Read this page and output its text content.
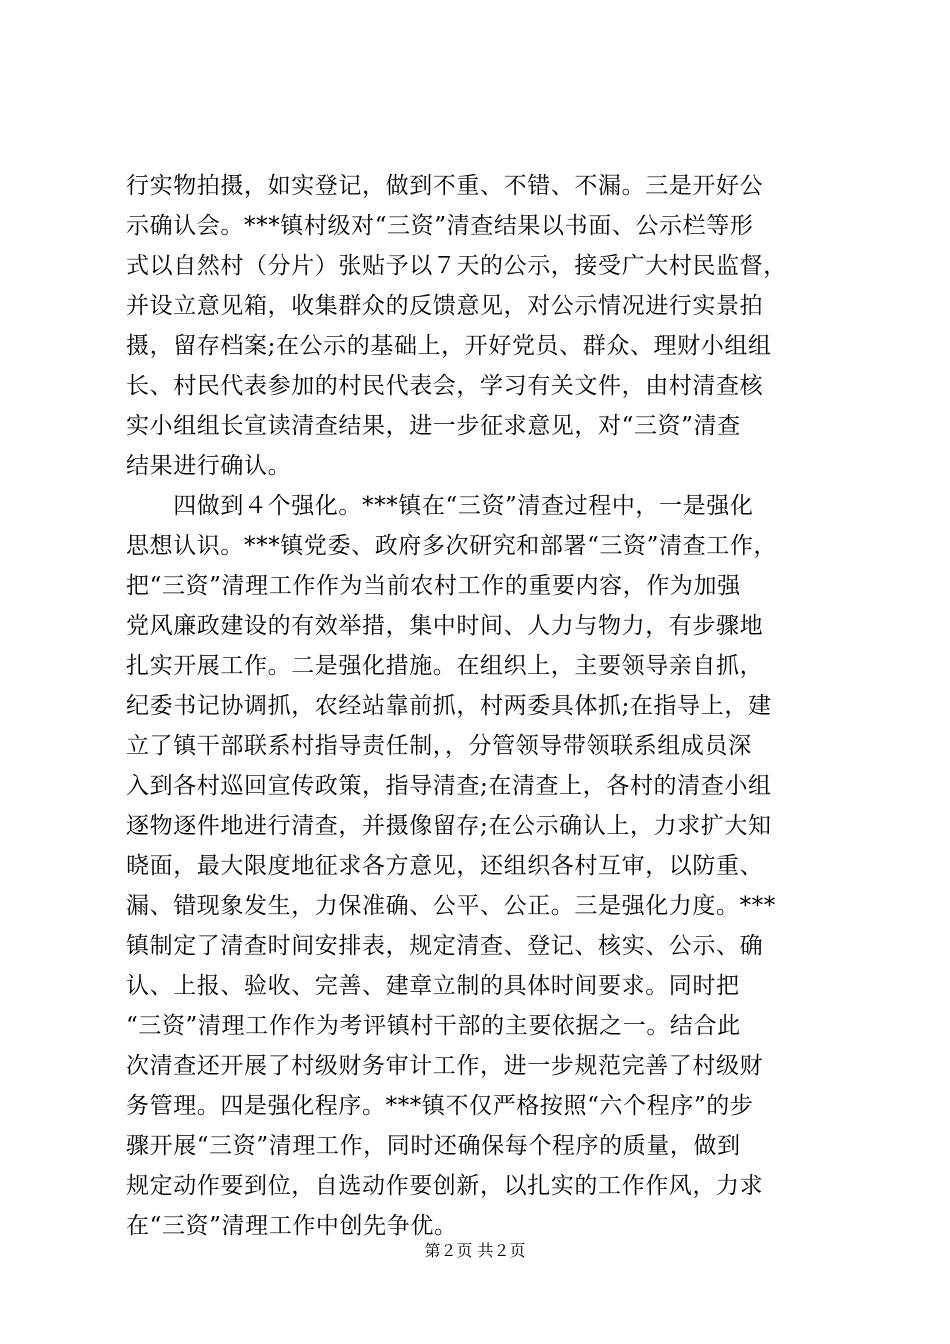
行实物拍摄，如实登记，做到不重、不错、不漏。三是开好公
示确认会。***镇村级对“三资”清查结果以书面、公示栏等形
式以自然村（分片）张贴予以７天的公示，接受广大村民监督，
并设立意见箱，收集群众的反馈意见，对公示情况进行实景拍
摄，留存档案;在公示的基础上，开好党员、群众、理财小组组
长、村民代表参加的村民代表会，学习有关文件，由村清查核
实小组组长宣读清查结果，进一步征求意见，对“三资”清查
结果进行确认。
　　四做到４个强化。***镇在“三资”清查过程中，一是强化
思想认识。***镇党委、政府多次研究和部署“三资”清查工作，
把“三资”清理工作作为当前农村工作的重要内容，作为加强
党风廉政建设的有效举措，集中时间、人力与物力，有步骤地
扎实开展工作。二是强化措施。在组织上，主要领导亲自抓，
纪委书记协调抓，农经站靠前抓，村两委具体抓;在指导上，建
立了镇干部联系村指导责任制，，分管领导带领联系组成员深
入到各村巡回宣传政策，指导清查;在清查上，各村的清查小组
逐物逐件地进行清查，并摄像留存;在公示确认上，力求扩大知
晓面，最大限度地征求各方意见，还组织各村互审，以防重、
漏、错现象发生，力保准确、公平、公正。三是强化力度。***
镇制定了清查时间安排表，规定清查、登记、核实、公示、确
认、上报、验收、完善、建章立制的具体时间要求。同时把
“三资”清理工作作为考评镇村干部的主要依据之一。结合此
次清查还开展了村级财务审计工作，进一步规范完善了村级财
务管理。四是强化程序。***镇不仅严格按照“六个程序”的步
骤开展“三资”清理工作，同时还确保每个程序的质量，做到
规定动作要到位，自选动作要创新，以扎实的工作作风，力求
在“三资”清理工作中创先争优。
第２页 共２页
